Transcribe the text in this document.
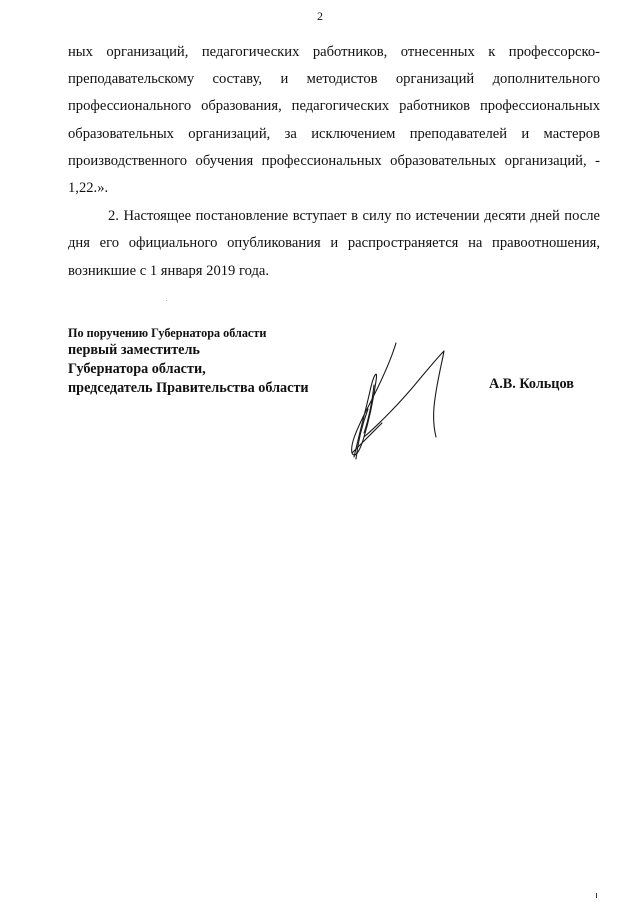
2

ных организаций, педагогических работников, отнесенных к профессорско-преподавательскому составу, и методистов организаций дополнительного профессионального образования, педагогических работников профессиональных образовательных организаций, за исключением преподавателей и мастеров производственного обучения профессиональных образовательных организаций, - 1,22.».

2. Настоящее постановление вступает в силу по истечении десяти дней после дня его официального опубликования и распространяется на правоотношения, возникшие с 1 января 2019 года.

По поручению Губернатора области
первый заместитель
Губернатора области,
председатель Правительства области	А.В. Кольцов
